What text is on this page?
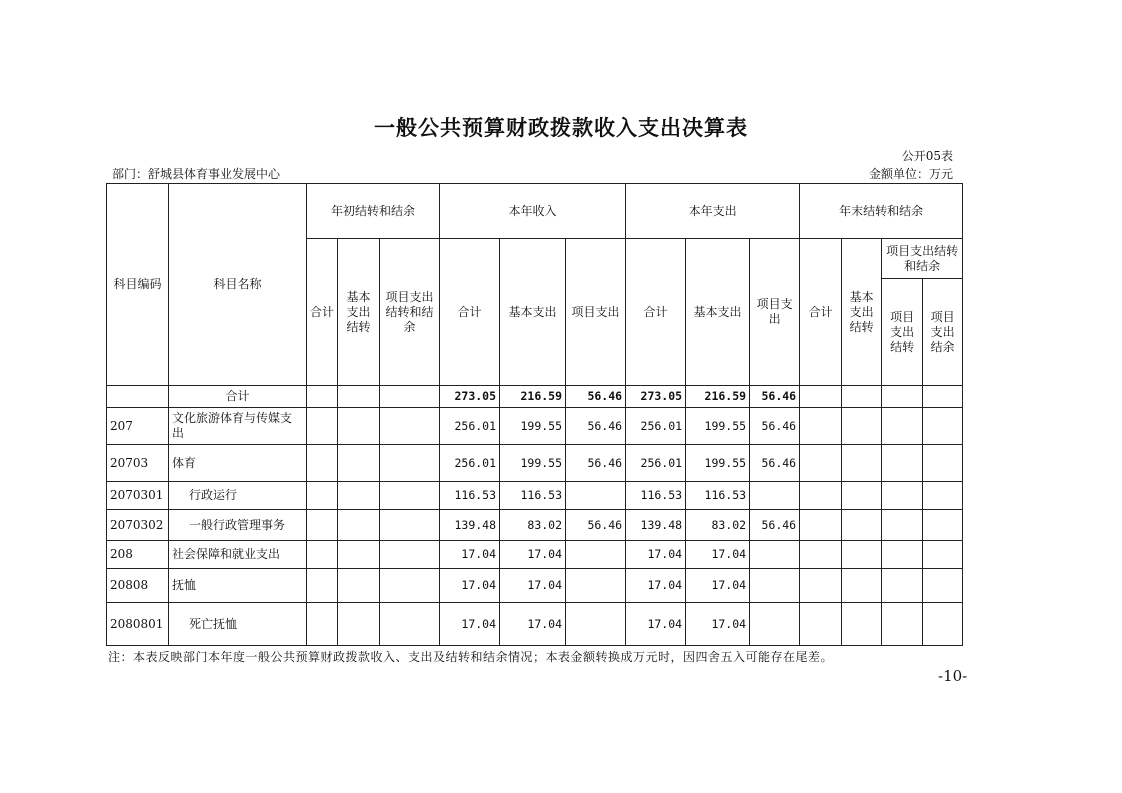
一般公共预算财政拨款收入支出决算表
公开05表
部门：舒城县体育事业发展中心	金额单位：万元
科目编码	科目名称	年初结转和结余			本年收入			本年支出			年末结转和结余			
		合计	基本支出结转	项目支出结转和结余	合计	基本支出	项目支出	合计	基本支出	项目支出	合计	基本支出结转	项目支出结转和结余	
													项目支出结转	项目支出结余
	合计				273.05	216.59	56.46	273.05	216.59	56.46				
207	文化旅游体育与传媒支出				256.01	199.55	56.46	256.01	199.55	56.46				
20703	体育				256.01	199.55	56.46	256.01	199.55	56.46				
2070301	行政运行				116.53	116.53		116.53	116.53					
2070302	一般行政管理事务				139.48	83.02	56.46	139.48	83.02	56.46				
208	社会保障和就业支出				17.04	17.04		17.04	17.04					
20808	抚恤				17.04	17.04		17.04	17.04					
2080801	死亡抚恤				17.04	17.04		17.04	17.04					
注：本表反映部门本年度一般公共预算财政拨款收入、支出及结转和结余情况；本表金额转换成万元时，因四舍五入可能存在尾差。
-10-
